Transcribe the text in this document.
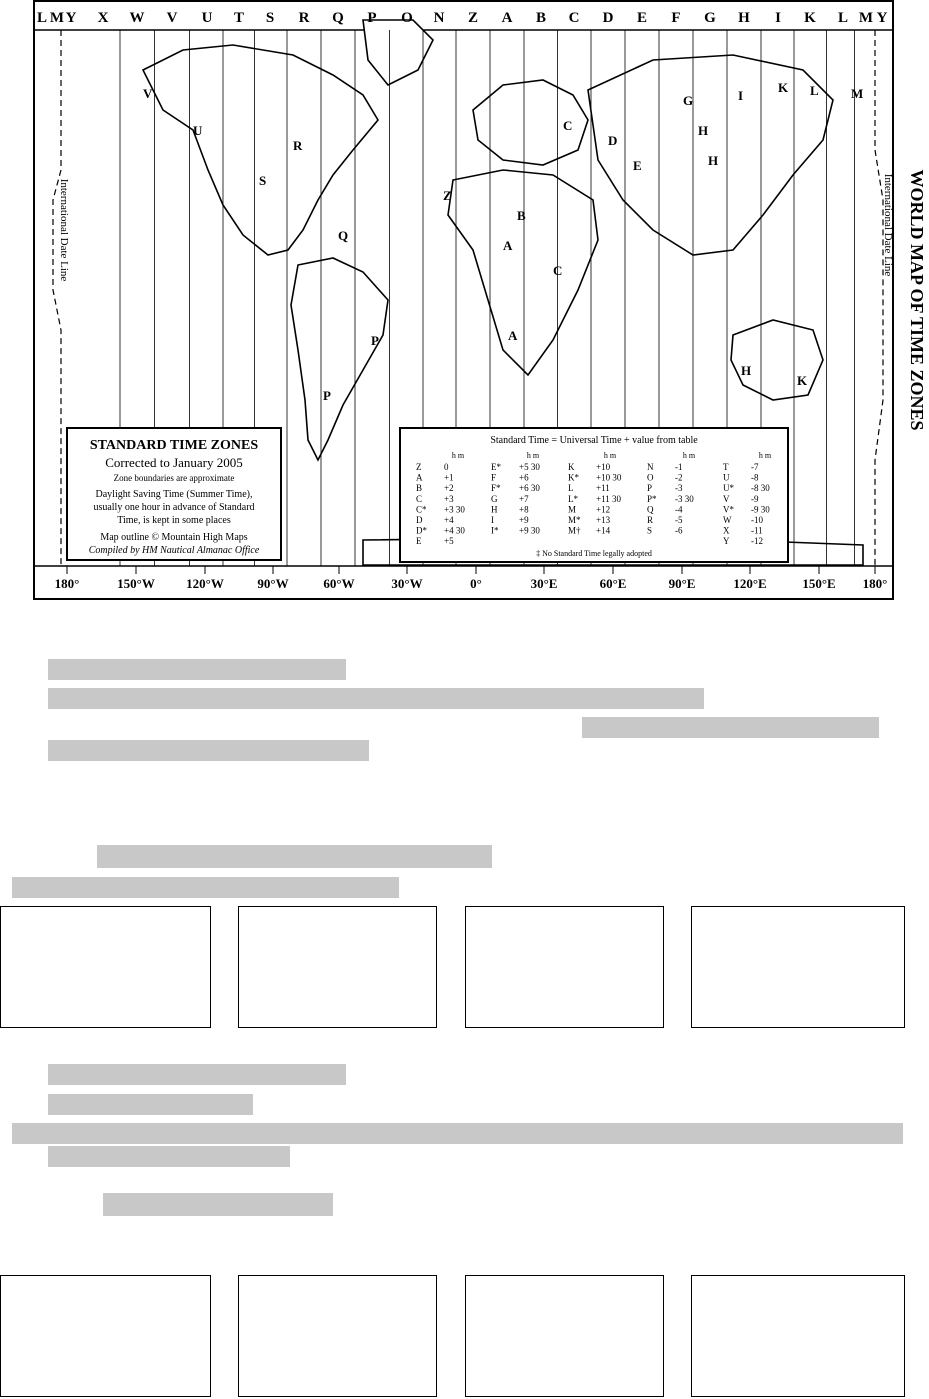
L M Y X W V U T S R Q P O N Z A B C D E F G H I K L M Y
180°	150°W 120°W	90°W	60°W	30°W	0°	30°E	60°E	90°E	120°E	150°E 180°
V
U
S
R
Q
P
Z
A
B
C
D
E
G
H
I
K L M
H
C
A
H
K
P
STANDARD TIME ZONES
Corrected to January 2005
Zone boundaries are approximate
Daylight Saving Time (Summer Time),
usually one hour in advance of Standard
Time, is kept in some places
Map outline © Mountain High Maps
Compiled by HM Nautical Almanac Office
Standard Time = Universal Time + value from table
h m
Z	0
A +1
B +2
C +3
C* +3 30
D +4
D* +4 30
E	+5
h m
E* +5 30
F	+6
F* +6 30
G +7
H +8
I	+9
I* +9 30
h m
K +10
K* +10 30
L	+11
L* +11 30
M +12
M* +13
M† +14
h m
N -1
O -2
P	-3
P* -3 30
Q -4
R -5
S	-6
h m
T	-7
U -8
U* -8 30
V -9
V* -9 30
W -10
X -11
Y -12
‡ No Standard Time legally adopted
WORLD MAP OF TIME ZONES
International Date Line	International Date Line
